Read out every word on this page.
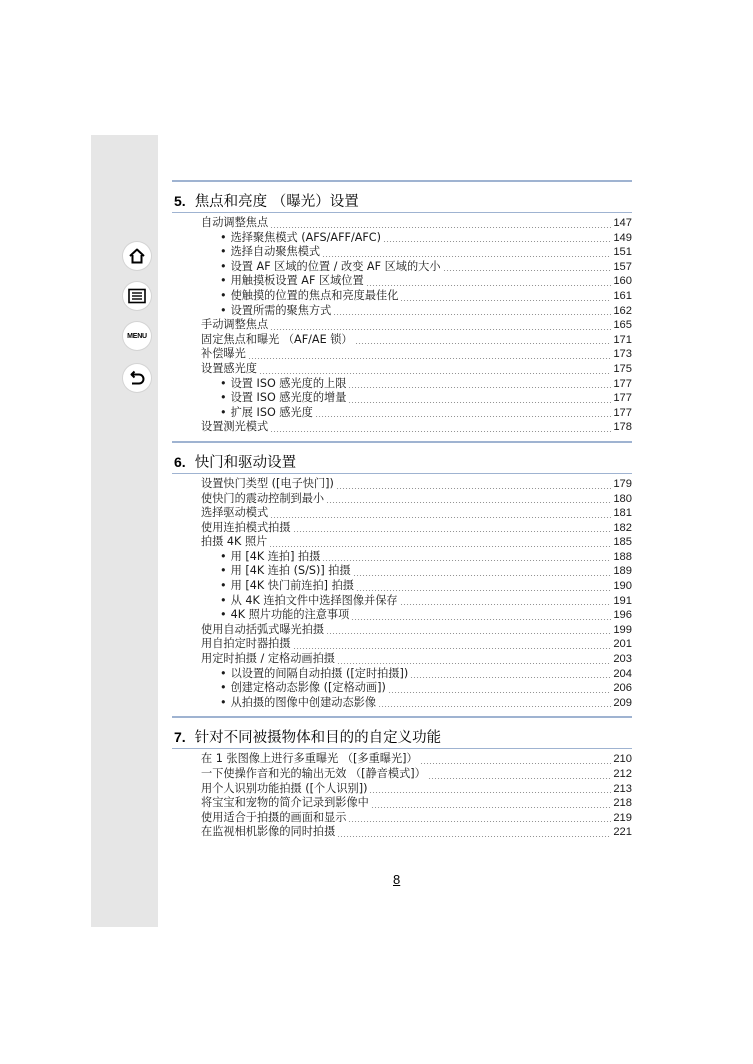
MENU
5. 焦点和亮度 （曝光）设置
自动调整焦点	147
• 选择聚焦模式 (AFS/AFF/AFC)	149
• 选择自动聚焦模式	151
• 设置 AF 区域的位置 / 改变 AF 区域的大小	157
• 用触摸板设置 AF 区域位置	160
• 使触摸的位置的焦点和亮度最佳化	161
• 设置所需的聚焦方式	162
手动调整焦点	165
固定焦点和曝光 （AF/AE 锁）	171
补偿曝光	173
设置感光度	175
• 设置 ISO 感光度的上限	177
• 设置 ISO 感光度的增量	177
• 扩展 ISO 感光度	177
设置测光模式	178
6. 快门和驱动设置
设置快门类型 ([电子快门])	179
使快门的震动控制到最小	180
选择驱动模式	181
使用连拍模式拍摄	182
拍摄 4K 照片	185
• 用 [4K 连拍] 拍摄	188
• 用 [4K 连拍 (S/S)] 拍摄	189
• 用 [4K 快门前连拍] 拍摄	190
• 从 4K 连拍文件中选择图像并保存	191
• 4K 照片功能的注意事项	196
使用自动括弧式曝光拍摄	199
用自拍定时器拍摄	201
用定时拍摄 / 定格动画拍摄	203
• 以设置的间隔自动拍摄 ([定时拍摄])	204
• 创建定格动态影像 ([定格动画])	206
• 从拍摄的图像中创建动态影像	209
7. 针对不同被摄物体和目的的自定义功能
在 1 张图像上进行多重曝光 （[多重曝光]）	210
一下使操作音和光的输出无效 （[静音模式]）	212
用个人识别功能拍摄 ([个人识别])	213
将宝宝和宠物的简介记录到影像中	218
使用适合于拍摄的画面和显示	219
在监视相机影像的同时拍摄	221
8
